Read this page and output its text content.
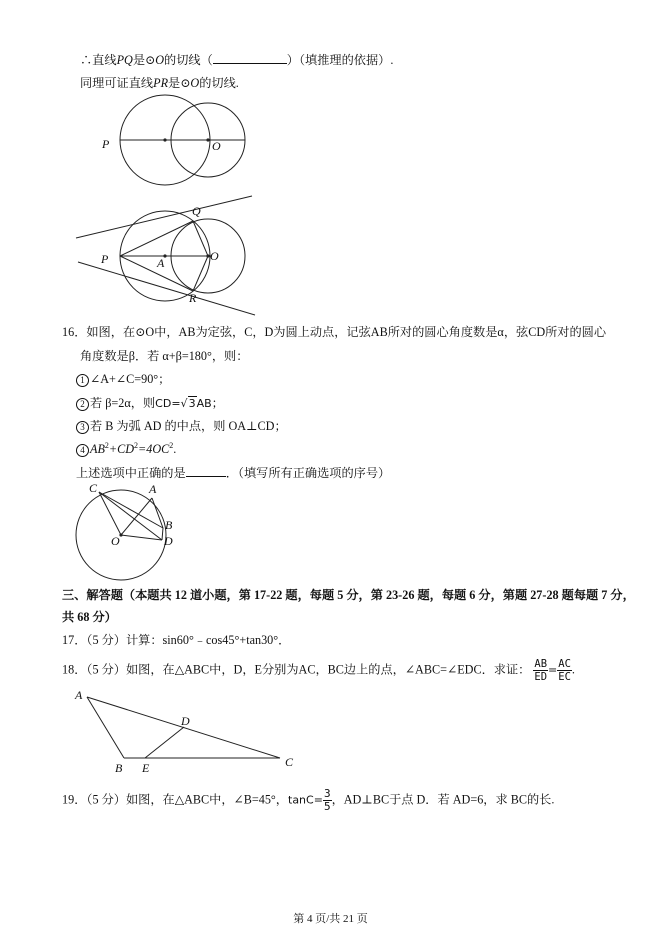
∴直线PQ是⊙O的切线（	）（填推理的依据）.
同理可证直线PR是⊙O的切线.
P	O
Q
P	A	O
R
C	A
B
O	D
A
D
B E	C
16．如图，在⊙O中，AB为定弦，C，D为圆上动点，记弦AB所对的圆心角度数是α，弦CD所对的圆心
角度数是β．若 α+β=180°，则：
1 ∠A+∠C=90°；
2 若 β=2α，则CD=√3AB；
3 若 B 为弧 AD 的中点，则 OA⊥CD；
4 $AB^2+CD^2=4OC^2$.
上述选项中正确的是	．（填写所有正确选项的序号）
三、解答题（本题共 12 道小题，第 17-22 题，每题 5 分，第 23-26 题，每题 6 分，第题 27-28 题每题 7 分，
共 68 分）
17．（5 分）计算：sin60°﹣cos45°+tan30°．
18．（5 分）如图，在△ABC中，D，E分别为AC，BC边上的点，∠ABC=∠EDC．求证： $\frac{AB}{ED} = \frac{AC}{EC}$ .
19．（5 分）如图，在△ABC中，∠B=45°，$\tan C= \frac{3}{5}$ ，AD⊥BC于点 D．若 AD=6，求 BC的长.
第 4 页/共 21 页
